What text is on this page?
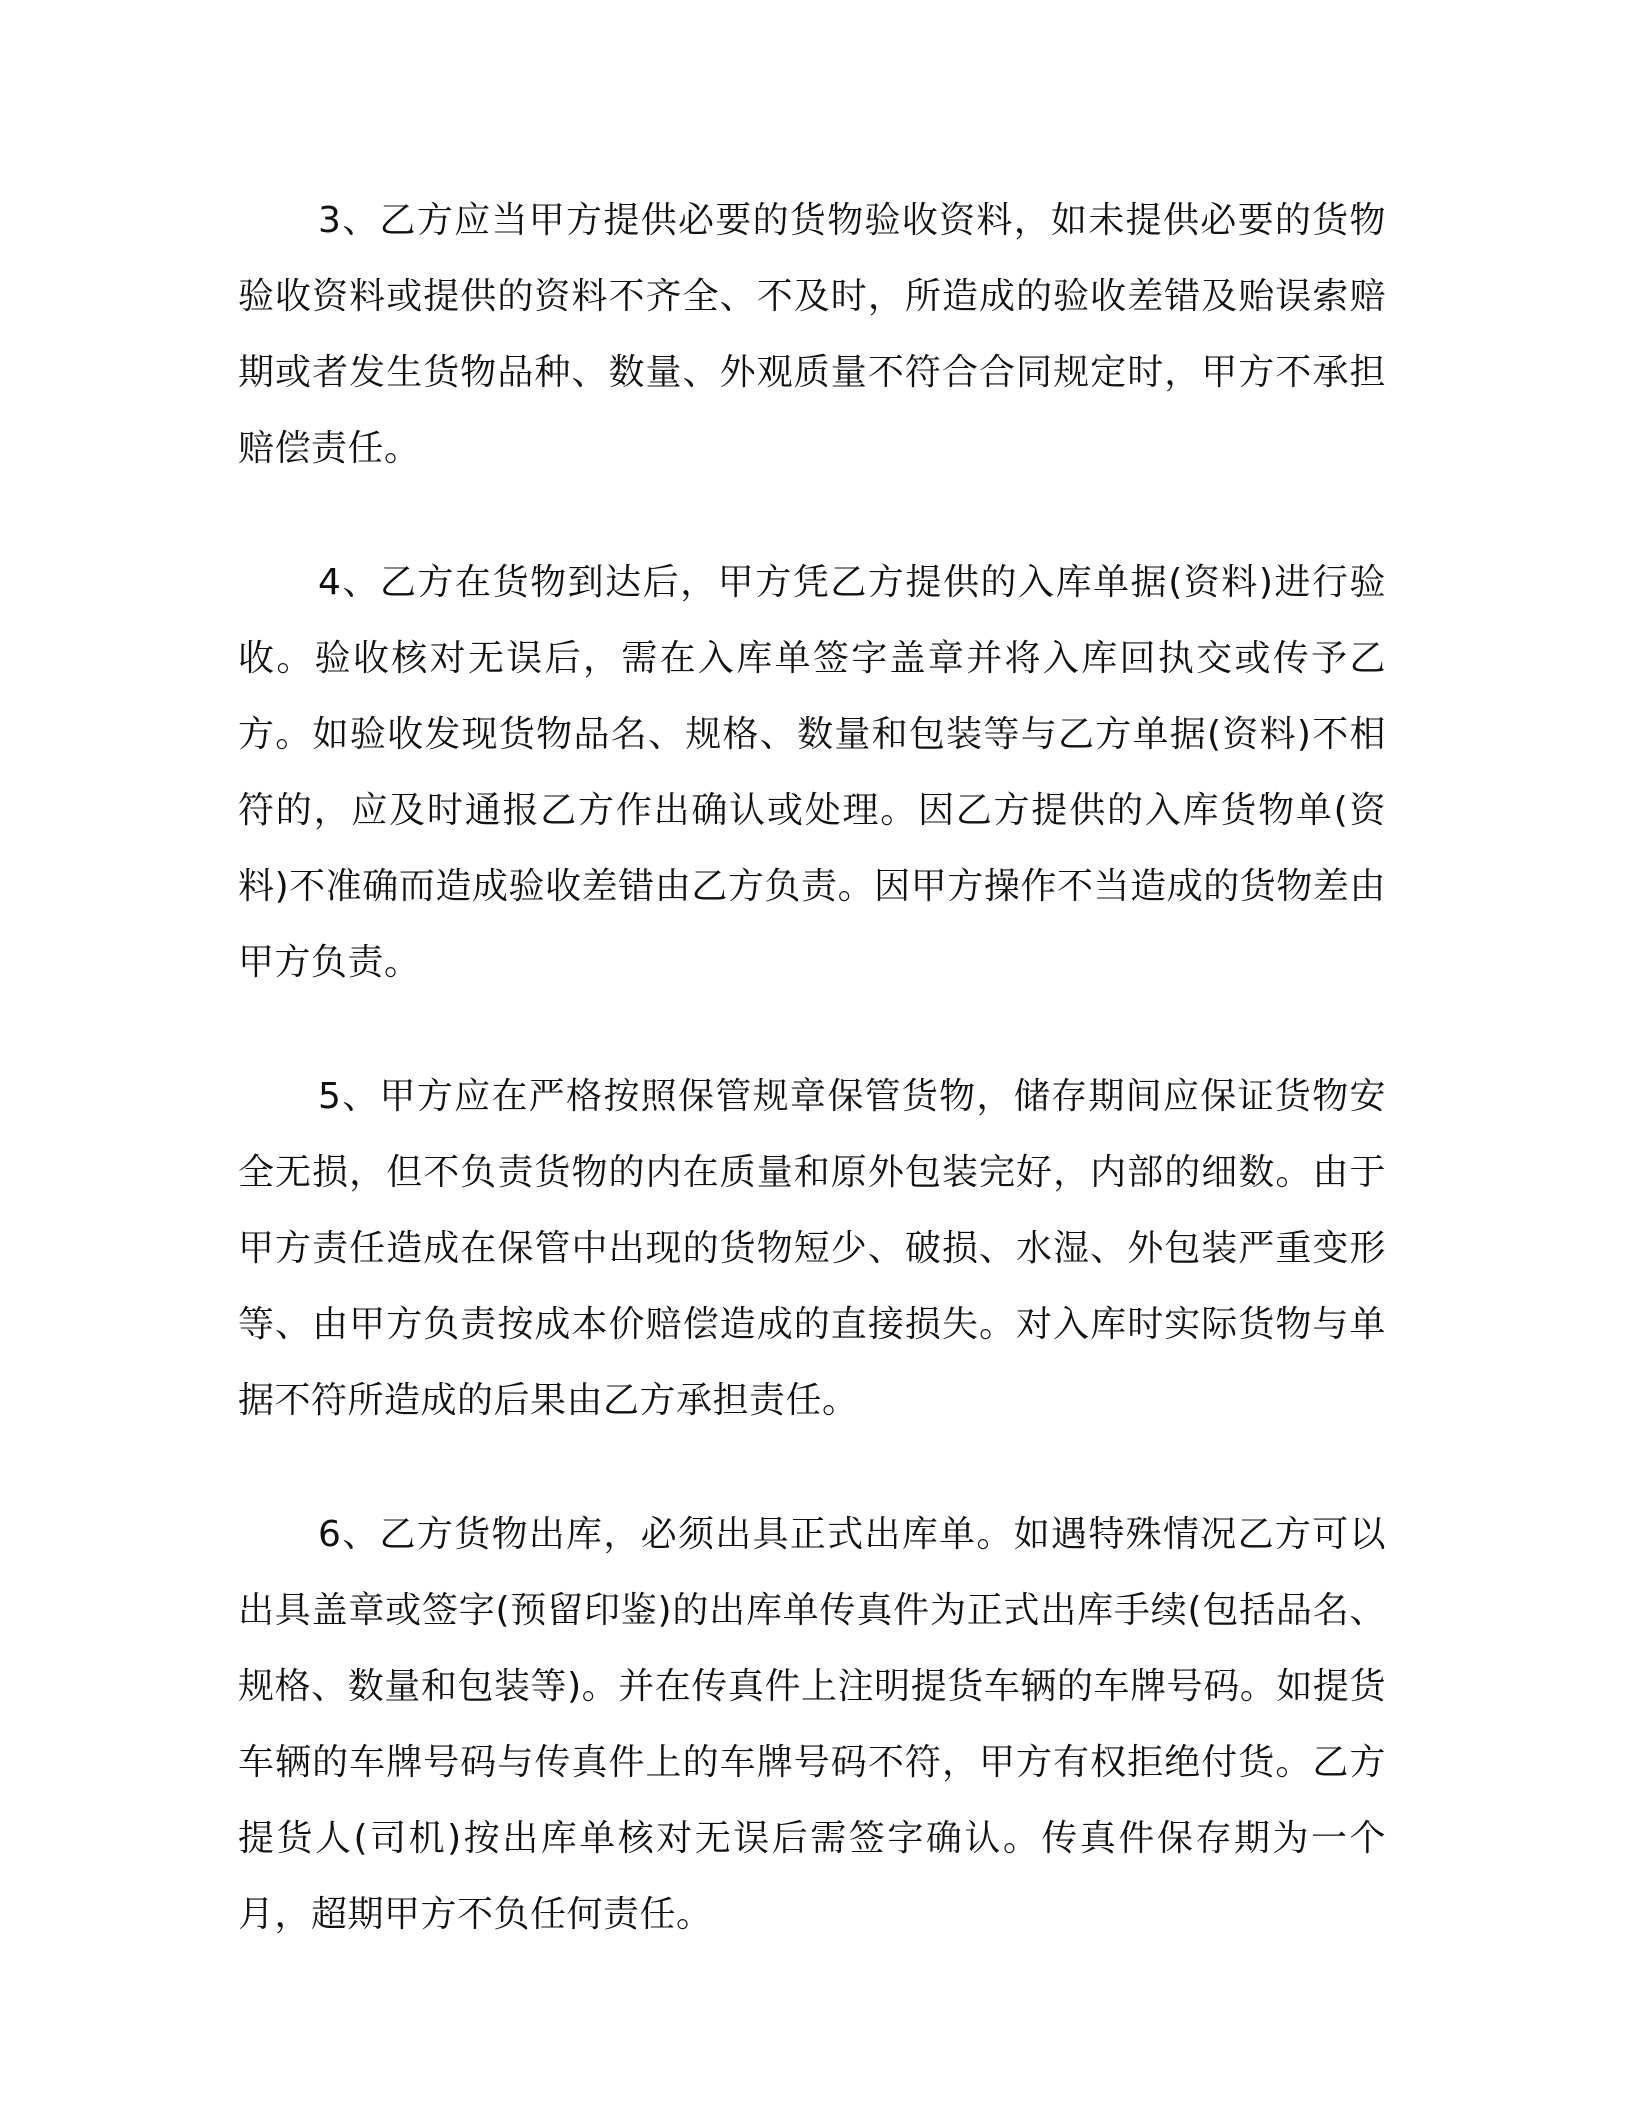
3、乙方应当甲方提供必要的货物验收资料，如未提供必要的货物验收资料或提供的资料不齐全、不及时，所造成的验收差错及贻误索赔期或者发生货物品种、数量、外观质量不符合合同规定时，甲方不承担赔偿责任。

4、乙方在货物到达后，甲方凭乙方提供的入库单据(资料)进行验收。验收核对无误后，需在入库单签字盖章并将入库回执交或传予乙方。如验收发现货物品名、规格、数量和包装等与乙方单据(资料)不相符的，应及时通报乙方作出确认或处理。因乙方提供的入库货物单(资料)不准确而造成验收差错由乙方负责。因甲方操作不当造成的货物差由甲方负责。

5、甲方应在严格按照保管规章保管货物，储存期间应保证货物安全无损，但不负责货物的内在质量和原外包装完好，内部的细数。由于甲方责任造成在保管中出现的货物短少、破损、水湿、外包装严重变形等、由甲方负责按成本价赔偿造成的直接损失。对入库时实际货物与单据不符所造成的后果由乙方承担责任。

6、乙方货物出库，必须出具正式出库单。如遇特殊情况乙方可以出具盖章或签字(预留印鉴)的出库单传真件为正式出库手续(包括品名、规格、数量和包装等)。并在传真件上注明提货车辆的车牌号码。如提货车辆的车牌号码与传真件上的车牌号码不符，甲方有权拒绝付货。乙方提货人(司机)按出库单核对无误后需签字确认。传真件保存期为一个月，超期甲方不负任何责任。
